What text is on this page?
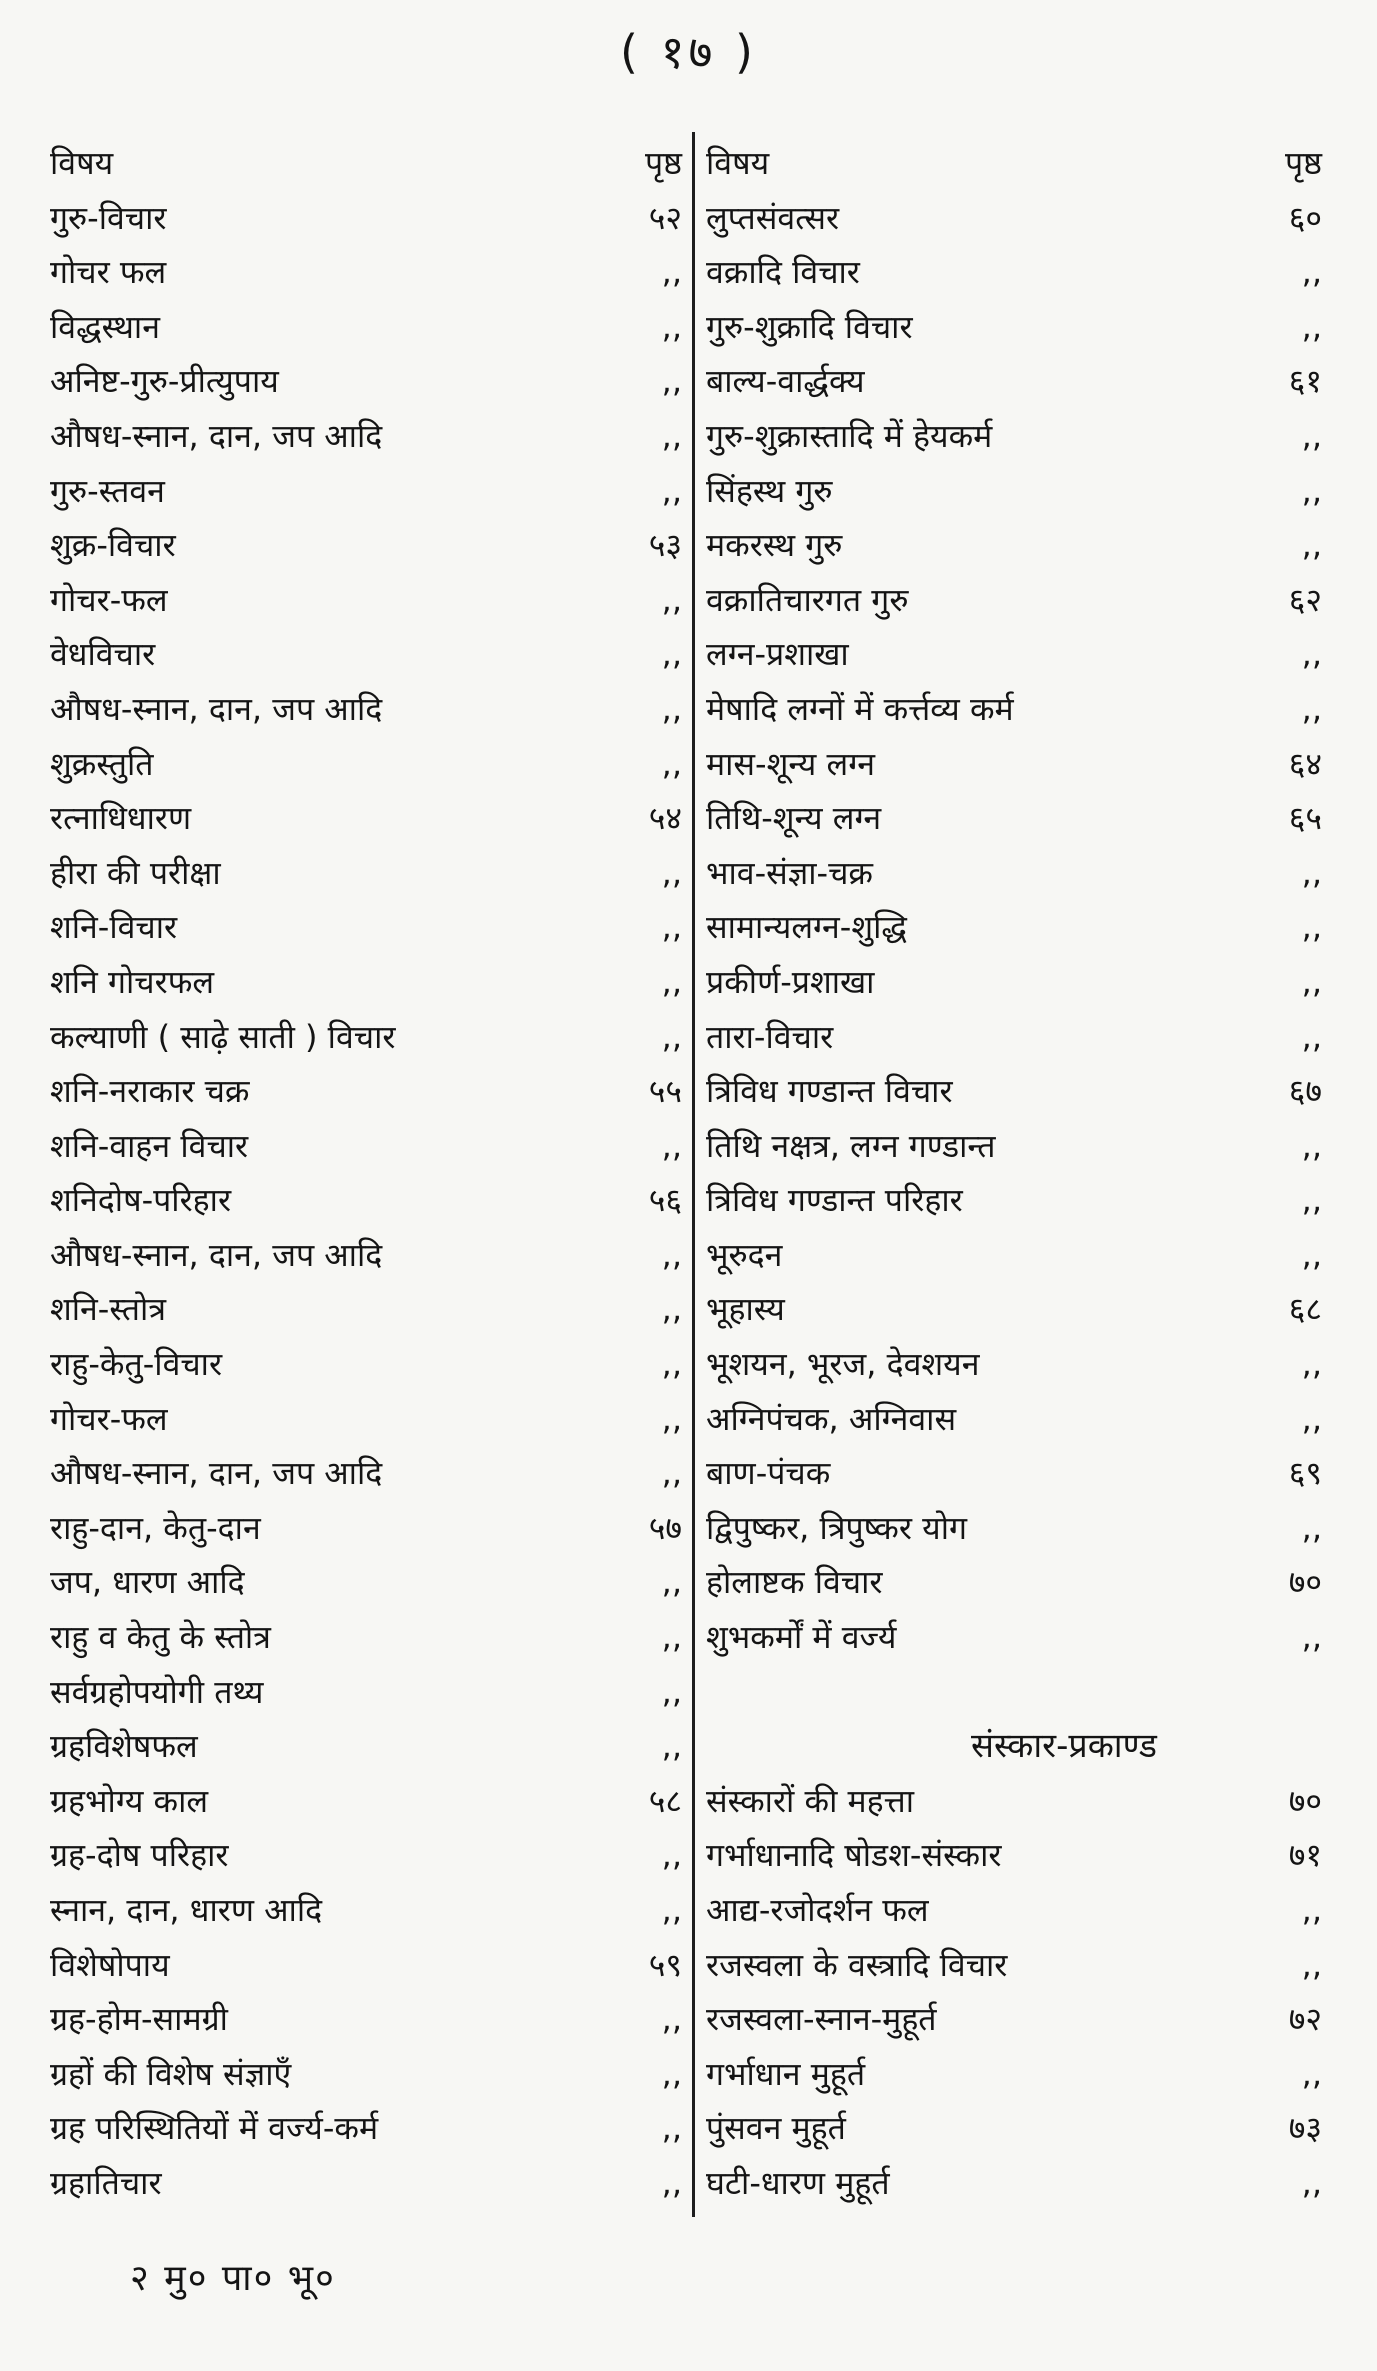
( १७ )
विषय	पृष्ठ
गुरु-विचार	५२
गोचर फल	,,
विद्धस्थान	,,
अनिष्ट-गुरु-प्रीत्युपाय	,,
औषध-स्नान, दान, जप आदि	,,
गुरु-स्तवन	,,
शुक्र-विचार	५३
गोचर-फल	,,
वेधविचार	,,
औषध-स्नान, दान, जप आदि	,,
शुक्रस्तुति	,,
रत्नाधिधारण	५४
हीरा की परीक्षा	,,
शनि-विचार	,,
शनि गोचरफल	,,
कल्याणी ( साढ़े साती ) विचार	,,
शनि-नराकार चक्र	५५
शनि-वाहन विचार	,,
शनिदोष-परिहार	५६
औषध-स्नान, दान, जप आदि	,,
शनि-स्तोत्र	,,
राहु-केतु-विचार	,,
गोचर-फल	,,
औषध-स्नान, दान, जप आदि	,,
राहु-दान, केतु-दान	५७
जप, धारण आदि	,,
राहु व केतु के स्तोत्र	,,
सर्वग्रहोपयोगी तथ्य	,,
ग्रहविशेषफल	,,
ग्रहभोग्य काल	५८
ग्रह-दोष परिहार	,,
स्नान, दान, धारण आदि	,,
विशेषोपाय	५९
ग्रह-होम-सामग्री	,,
ग्रहों की विशेष संज्ञाएँ	,,
ग्रह परिस्थितियों में वर्ज्य-कर्म	,,
ग्रहातिचार	,,
विषय	पृष्ठ
लुप्तसंवत्सर	६०
वक्रादि विचार	,,
गुरु-शुक्रादि विचार	,,
बाल्य-वार्द्धक्य	६१
गुरु-शुक्रास्तादि में हेयकर्म	,,
सिंहस्थ गुरु	,,
मकरस्थ गुरु	,,
वक्रातिचारगत गुरु	६२
लग्न-प्रशाखा	,,
मेषादि लग्नों में कर्त्तव्य कर्म	,,
मास-शून्य लग्न	६४
तिथि-शून्य लग्न	६५
भाव-संज्ञा-चक्र	,,
सामान्यलग्न-शुद्धि	,,
प्रकीर्ण-प्रशाखा	,,
तारा-विचार	,,
त्रिविध गण्डान्त विचार	६७
तिथि नक्षत्र, लग्न गण्डान्त	,,
त्रिविध गण्डान्त परिहार	,,
भूरुदन	,,
भूहास्य	६८
भूशयन, भूरज, देवशयन	,,
अग्निपंचक, अग्निवास	,,
बाण-पंचक	६९
द्विपुष्कर, त्रिपुष्कर योग	,,
होलाष्टक विचार	७०
शुभकर्मों में वर्ज्य	,,
संस्कार-प्रकाण्ड
संस्कारों की महत्ता	७०
गर्भाधानादि षोडश-संस्कार	७१
आद्य-रजोदर्शन फल	,,
रजस्वला के वस्त्रादि विचार	,,
रजस्वला-स्नान-मुहूर्त	७२
गर्भाधान मुहूर्त	,,
पुंसवन मुहूर्त	७३
घटी-धारण मुहूर्त	,,
२ मु० पा० भू०
